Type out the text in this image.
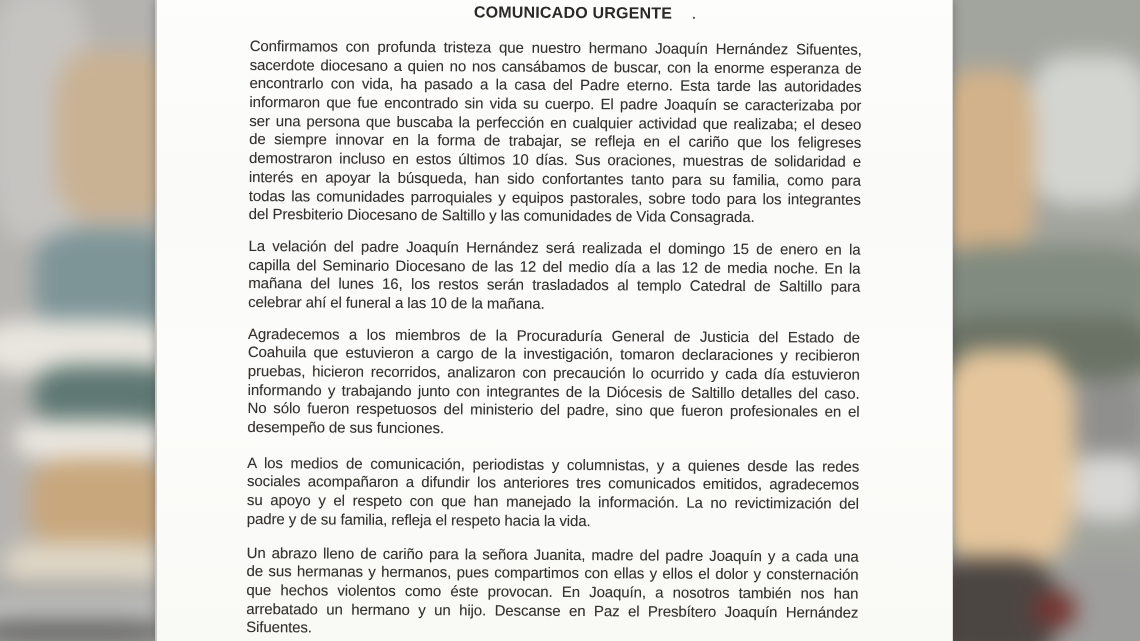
COMUNICADO URGENTE .
Confirmamos con profunda tristeza que nuestro hermano Joaquín Hernández Sifuentes,
sacerdote diocesano a quien no nos cansábamos de buscar, con la enorme esperanza de
encontrarlo con vida, ha pasado a la casa del Padre eterno. Esta tarde las autoridades
informaron que fue encontrado sin vida su cuerpo. El padre Joaquín se caracterizaba por
ser una persona que buscaba la perfección en cualquier actividad que realizaba; el deseo
de siempre innovar en la forma de trabajar, se refleja en el cariño que los feligreses
demostraron incluso en estos últimos 10 días. Sus oraciones, muestras de solidaridad e
interés en apoyar la búsqueda, han sido confortantes tanto para su familia, como para
todas las comunidades parroquiales y equipos pastorales, sobre todo para los integrantes
del Presbiterio Diocesano de Saltillo y las comunidades de Vida Consagrada.
La velación del padre Joaquín Hernández será realizada el domingo 15 de enero en la
capilla del Seminario Diocesano de las 12 del medio día a las 12 de media noche. En la
mañana del lunes 16, los restos serán trasladados al templo Catedral de Saltillo para
celebrar ahí el funeral a las 10 de la mañana.
Agradecemos a los miembros de la Procuraduría General de Justicia del Estado de
Coahuila que estuvieron a cargo de la investigación, tomaron declaraciones y recibieron
pruebas, hicieron recorridos, analizaron con precaución lo ocurrido y cada día estuvieron
informando y trabajando junto con integrantes de la Diócesis de Saltillo detalles del caso.
No sólo fueron respetuosos del ministerio del padre, sino que fueron profesionales en el
desempeño de sus funciones.
A los medios de comunicación, periodistas y columnistas, y a quienes desde las redes
sociales acompañaron a difundir los anteriores tres comunicados emitidos, agradecemos
su apoyo y el respeto con que han manejado la información. La no revictimización del
padre y de su familia, refleja el respeto hacia la vida.
Un abrazo lleno de cariño para la señora Juanita, madre del padre Joaquín y a cada una
de sus hermanas y hermanos, pues compartimos con ellas y ellos el dolor y consternación
que hechos violentos como éste provocan. En Joaquín, a nosotros también nos han
arrebatado un hermano y un hijo. Descanse en Paz el Presbítero Joaquín Hernández
Sifuentes.
